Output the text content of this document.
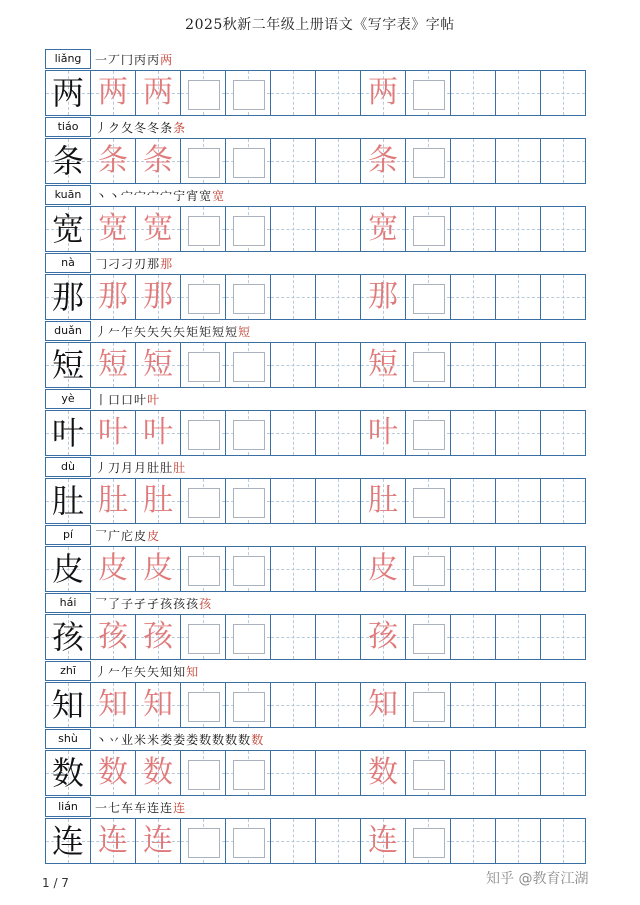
2025秋新二年级上册语文《写字表》字帖
liǎng	一丆冂丙丙两
两 两 两	两
tiáo	丿ク夂冬冬条条
条 条 条	条
kuān	丶丶宀宀宀宀宁宵宽宽
宽 宽 宽	宽
nà	𠃌刁刁刃那那
那 那 那	那
duǎn	丿𠂉乍矢矢矢矢矩矩短短短
短 短 短	短
yè	丨口口叶叶
叶 叶 叶	叶
dù	丿刀月月肚肚肚
肚 肚 肚	肚
pí	乛广庀皮皮
皮 皮 皮	皮
hái	乛了子孑孑孩孩孩孩
孩 孩 孩	孩
zhī	丿𠂉乍矢矢知知知
知 知 知	知
shù	丶丷业米米娄娄娄数数数数数
数 数 数	数
lián	一七车车连连连
连 连 连	连
1 / 7	知乎 @教育江湖
